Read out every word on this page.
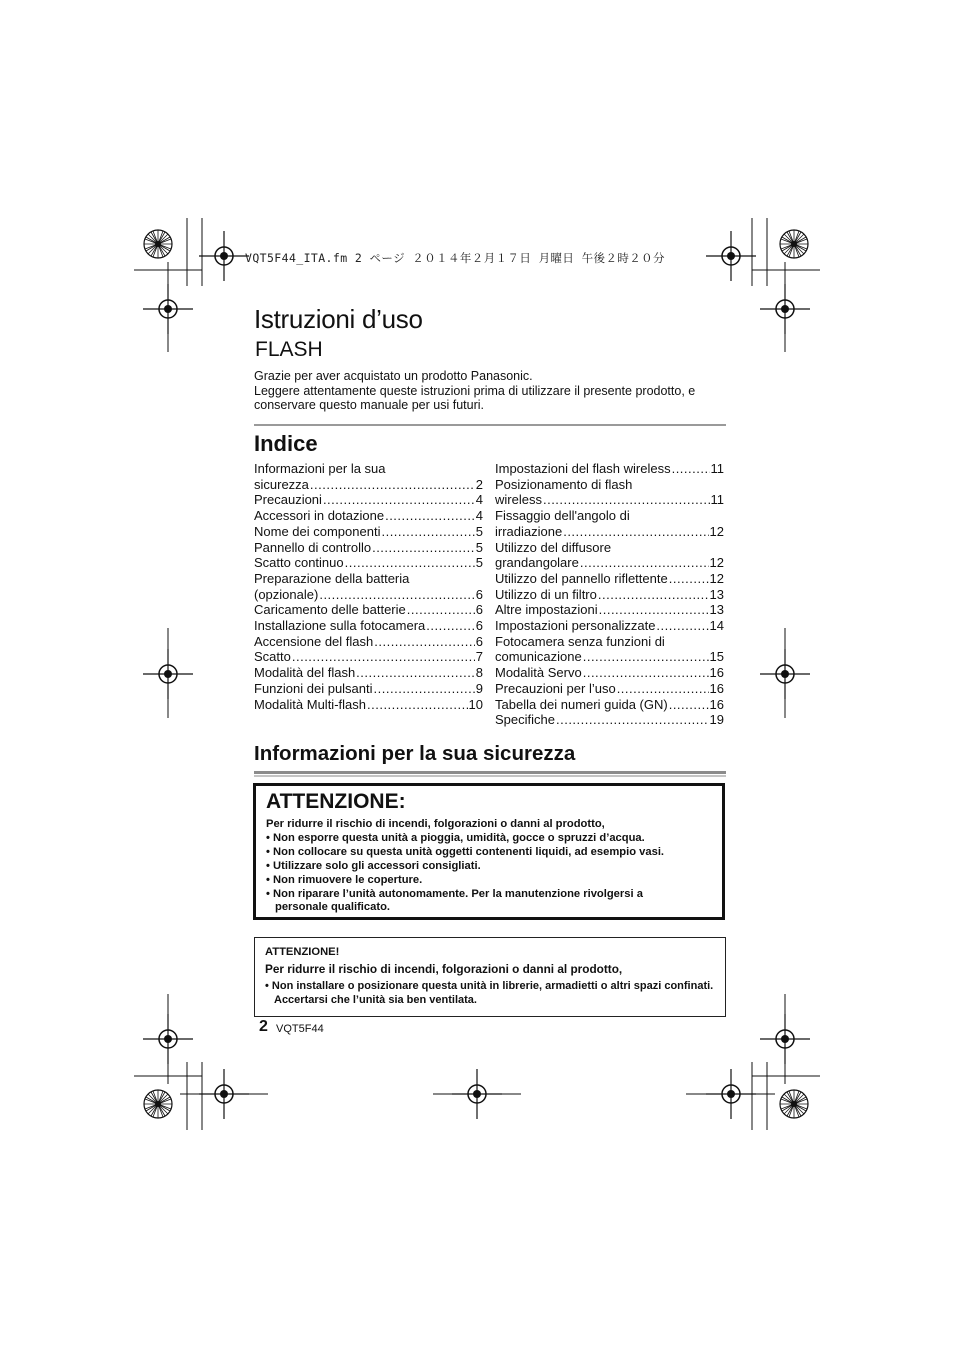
VQT5F44_ITA.fm 2 ページ ２０１４年２月１７日 月曜日 午後２時２０分
Istruzioni d’uso
FLASH
Grazie per aver acquistato un prodotto Panasonic.
Leggere attentamente queste istruzioni prima di utilizzare il presente prodotto, e
conservare questo manuale per usi futuri.
Indice
Informazioni per la sua
sicurezza .....	2
Precauzioni .....	4
Accessori in dotazione .....	4
Nome dei componenti .....	5
Pannello di controllo .....	5
Scatto continuo .....	5
Preparazione della batteria
(opzionale) .....	6
Caricamento delle batterie .....	6
Installazione sulla fotocamera .....	6
Accensione del flash .....	6
Scatto .....	7
Modalità del flash .....	8
Funzioni dei pulsanti .....	9
Modalità Multi-flash .....	10
Impostazioni del flash wireless .....	11
Posizionamento di flash
wireless .....	11
Fissaggio dell'angolo di
irradiazione .....	12
Utilizzo del diffusore
grandangolare .....	12
Utilizzo del pannello riflettente .....	12
Utilizzo di un filtro .....	13
Altre impostazioni .....	13
Impostazioni personalizzate .....	14
Fotocamera senza funzioni di
comunicazione .....	15
Modalità Servo .....	16
Precauzioni per l’uso .....	16
Tabella dei numeri guida (GN) .....	16
Specifiche .....	19
Informazioni per la sua sicurezza
ATTENZIONE:
Per ridurre il rischio di incendi, folgorazioni o danni al prodotto,
• Non esporre questa unità a pioggia, umidità, gocce o spruzzi d’acqua.
• Non collocare su questa unità oggetti contenenti liquidi, ad esempio vasi.
• Utilizzare solo gli accessori consigliati.
• Non rimuovere le coperture.
• Non riparare l’unità autonomamente. Per la manutenzione rivolgersi a personale qualificato.
ATTENZIONE!
Per ridurre il rischio di incendi, folgorazioni o danni al prodotto,
• Non installare o posizionare questa unità in librerie, armadietti o altri spazi confinati. Accertarsi che l’unità sia ben ventilata.
2 VQT5F44
